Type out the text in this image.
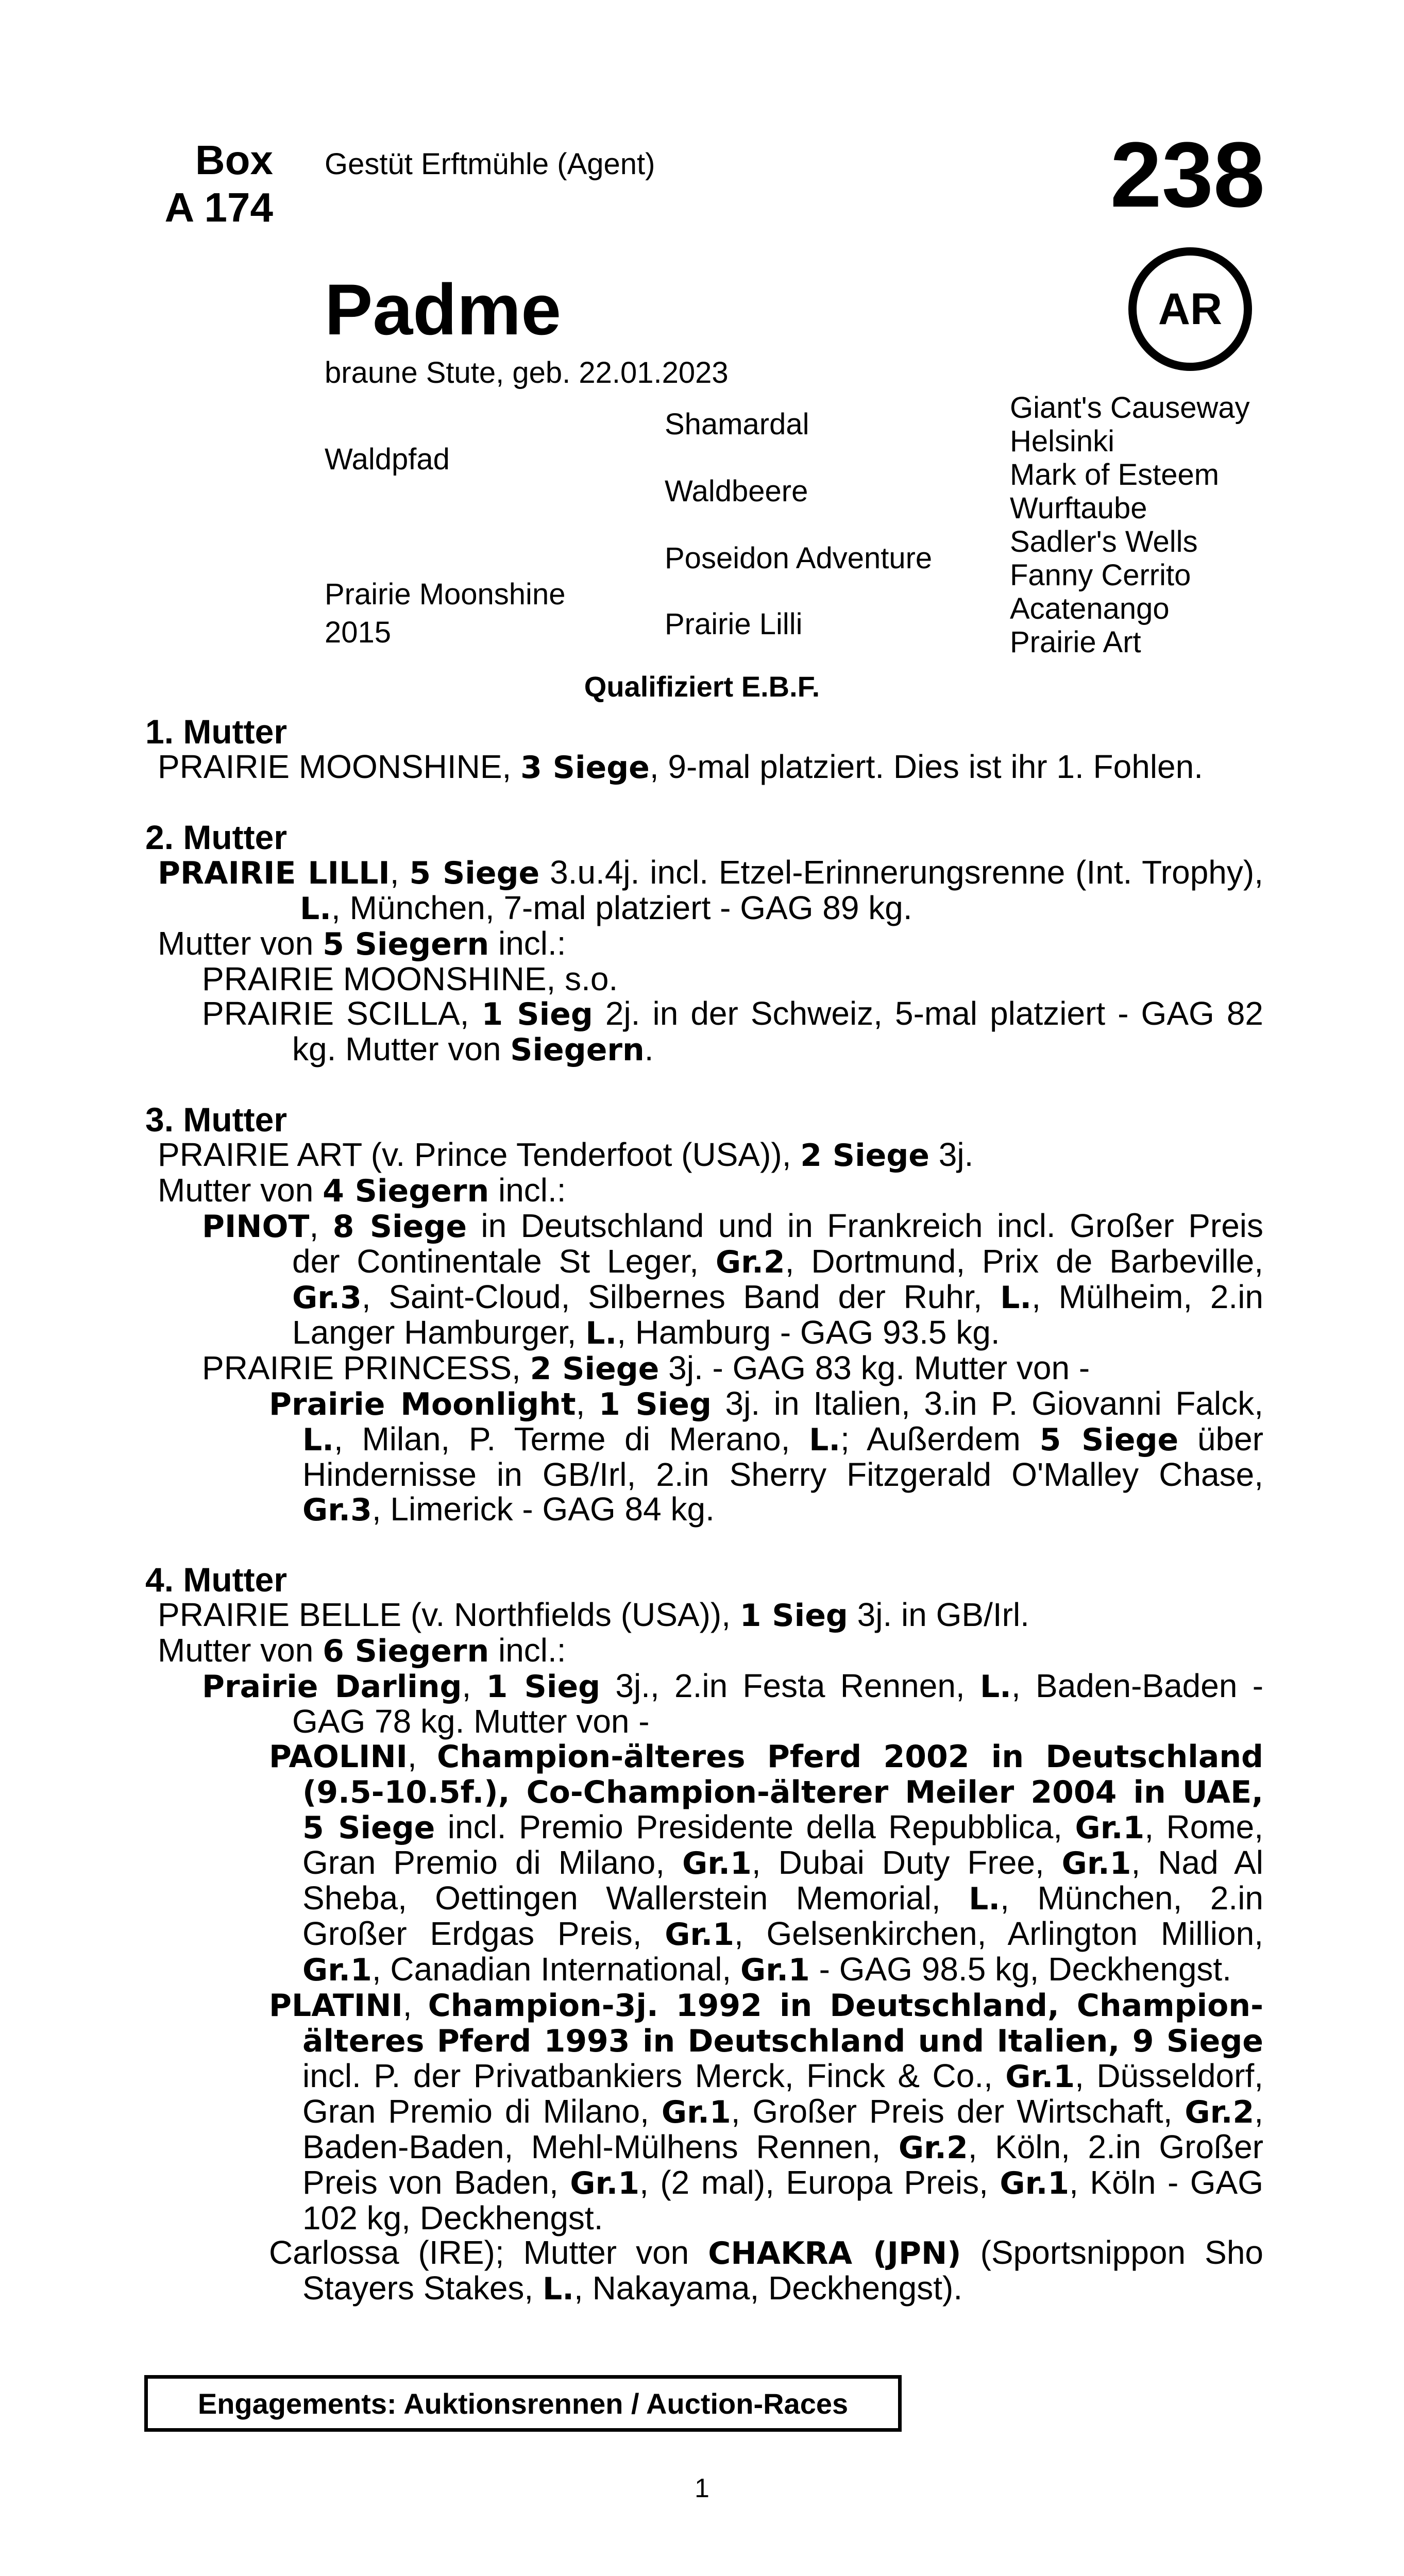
Box
A 174
Gestüt Erftmühle (Agent)	238
Padme	AR
braune Stute, geb. 22.01.2023
Waldpfad
Prairie Moonshine
2015
Shamardal
Waldbeere
Poseidon Adventure
Prairie Lilli
Giant's Causeway
Helsinki
Mark of Esteem
Wurftaube
Sadler's Wells
Fanny Cerrito
Acatenango
Prairie Art
Qualifiziert E.B.F.
1. Mutter
PRAIRIE MOONSHINE, 3 Siege, 9-mal platziert. Dies ist ihr 1. Fohlen.
2. Mutter
PRAIRIE LILLI, 5 Siege 3.u.4j. incl. Etzel-Erinnerungsrenne (Int. Trophy), L., München, 7-mal platziert - GAG 89 kg.
Mutter von 5 Siegern incl.:
PRAIRIE MOONSHINE, s.o.
PRAIRIE SCILLA, 1 Sieg 2j. in der Schweiz, 5-mal platziert - GAG 82 kg. Mutter von Siegern.
3. Mutter
PRAIRIE ART (v. Prince Tenderfoot (USA)), 2 Siege 3j.
Mutter von 4 Siegern incl.:
PINOT, 8 Siege in Deutschland und in Frankreich incl. Großer Preis der Continentale St Leger, Gr.2, Dortmund, Prix de Barbeville, Gr.3, Saint-Cloud, Silbernes Band der Ruhr, L., Mülheim, 2.in Langer Hamburger, L., Hamburg - GAG 93.5 kg.
PRAIRIE PRINCESS, 2 Siege 3j. - GAG 83 kg. Mutter von -
Prairie Moonlight, 1 Sieg 3j. in Italien, 3.in P. Giovanni Falck, L., Milan, P. Terme di Merano, L.; Außerdem 5 Siege über Hindernisse in GB/Irl, 2.in Sherry Fitzgerald O'Malley Chase, Gr.3, Limerick - GAG 84 kg.
4. Mutter
PRAIRIE BELLE (v. Northfields (USA)), 1 Sieg 3j. in GB/Irl.
Mutter von 6 Siegern incl.:
Prairie Darling, 1 Sieg 3j., 2.in Festa Rennen, L., Baden-Baden - GAG 78 kg. Mutter von -
PAOLINI, Champion-älteres Pferd 2002 in Deutschland (9.5-10.5f.), Co-Champion-älterer Meiler 2004 in UAE, 5 Siege incl. Premio Presidente della Repubblica, Gr.1, Rome, Gran Premio di Milano, Gr.1, Dubai Duty Free, Gr.1, Nad Al Sheba, Oettingen Wallerstein Memorial, L., München, 2.in Großer Erdgas Preis, Gr.1, Gelsenkirchen, Arlington Million, Gr.1, Canadian International, Gr.1 - GAG 98.5 kg, Deckhengst.
PLATINI, Champion-3j. 1992 in Deutschland, Champion-älteres Pferd 1993 in Deutschland und Italien, 9 Siege incl. P. der Privatbankiers Merck, Finck & Co., Gr.1, Düsseldorf, Gran Premio di Milano, Gr.1, Großer Preis der Wirtschaft, Gr.2, Baden-Baden, Mehl-Mülhens Rennen, Gr.2, Köln, 2.in Großer Preis von Baden, Gr.1, (2 mal), Europa Preis, Gr.1, Köln - GAG 102 kg, Deckhengst.
Carlossa (IRE); Mutter von CHAKRA (JPN) (Sportsnippon Sho Stayers Stakes, L., Nakayama, Deckhengst).
Engagements: Auktionsrennen / Auction-Races
1
